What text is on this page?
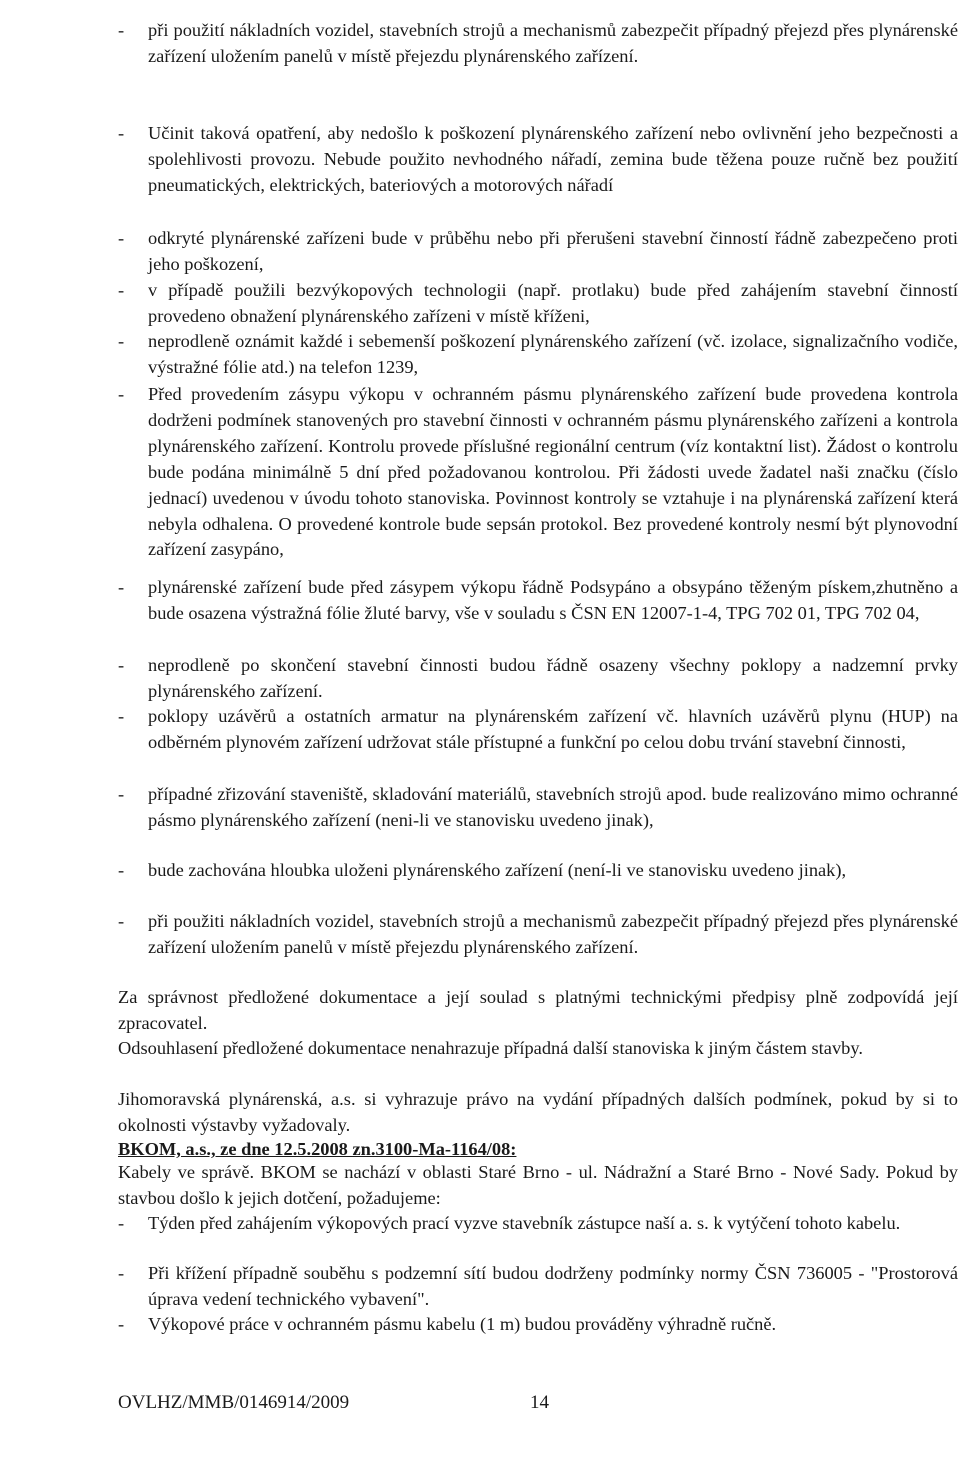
-	při použití nákladních vozidel, stavebních strojů a mechanismů zabezpečit případný přejezd přes plynárenské zařízení uložením panelů v místě přejezdu plynárenského zařízení.
-	Učinit taková opatření, aby nedošlo k poškození plynárenského zařízení nebo ovlivnění jeho bezpečnosti a spolehlivosti provozu. Nebude použito nevhodného nářadí, zemina bude těžena pouze ručně bez použití pneumatických, elektrických, bateriových a motorových nářadí
-	odkryté plynárenské zařízeni bude v průběhu nebo při přerušeni stavební činností řádně zabezpečeno proti jeho poškození,
-	v případě použili bezvýkopových technologii (např. protlaku) bude před zahájením stavební činností provedeno obnažení plynárenského zařízeni v místě kříženi,
-	neprodleně oznámit každé i sebemenší poškození plynárenského zařízení (vč. izolace, signalizačního vodiče, výstražné fólie atd.) na telefon 1239,
-	Před provedením zásypu výkopu v ochranném pásmu plynárenského zařízení bude provedena kontrola dodrženi podmínek stanovených pro stavební činnosti v ochranném pásmu plynárenského zařízeni a kontrola plynárenského zařízení. Kontrolu provede příslušné regionální centrum (víz kontaktní list). Žádost o kontrolu bude podána minimálně 5 dní před požadovanou kontrolou. Při žádosti uvede žadatel naši značku (číslo jednací) uvedenou v úvodu tohoto stanoviska. Povinnost kontroly se vztahuje i na plynárenská zařízení která nebyla odhalena. O provedené kontrole bude sepsán protokol. Bez provedené kontroly nesmí být plynovodní zařízení zasypáno,
-	plynárenské zařízení bude před zásypem výkopu řádně Podsypáno a obsypáno těženým pískem,zhutněno a bude osazena výstražná fólie žluté barvy, vše v souladu s ČSN EN 12007-1-4, TPG 702 01, TPG 702 04,
-	neprodleně po skončení stavební činnosti budou řádně osazeny všechny poklopy a nadzemní prvky plynárenského zařízení.
-	poklopy uzávěrů a ostatních armatur na plynárenském zařízení vč. hlavních uzávěrů plynu (HUP) na odběrném plynovém zařízení udržovat stále přístupné a funkční po celou dobu trvání stavební činnosti,
-	případné zřizování staveniště, skladování materiálů, stavebních strojů apod. bude realizováno mimo ochranné pásmo plynárenského zařízení (neni-li ve stanovisku uvedeno jinak),
-	bude zachována hloubka uloženi plynárenského zařízení (není-li ve stanovisku uvedeno jinak),
-	při použiti nákladních vozidel, stavebních strojů a mechanismů zabezpečit případný přejezd přes plynárenské zařízení uložením panelů v místě přejezdu plynárenského zařízení.
Za správnost předložené dokumentace a její soulad s platnými technickými předpisy plně zodpovídá její zpracovatel.
Odsouhlasení předložené dokumentace nenahrazuje případná další stanoviska k jiným částem stavby.
Jihomoravská plynárenská, a.s. si vyhrazuje právo na vydání případných dalších podmínek, pokud by si to okolnosti výstavby vyžadovaly.
BKOM, a.s., ze dne 12.5.2008 zn.3100-Ma-1164/08:
Kabely ve správě. BKOM se nachází v oblasti Staré Brno - ul. Nádražní a Staré Brno - Nové Sady. Pokud by stavbou došlo k jejich dotčení, požadujeme:
-	Týden před zahájením výkopových prací vyzve stavebník zástupce naší a. s. k vytýčení tohoto kabelu.
-	Při křížení případně souběhu s podzemní sítí budou dodrženy podmínky normy ČSN 736005 - "Prostorová úprava vedení technického vybavení".
-	Výkopové práce v ochranném pásmu kabelu (1 m) budou prováděny výhradně ručně.
OVLHZ/MMB/0146914/2009	14
